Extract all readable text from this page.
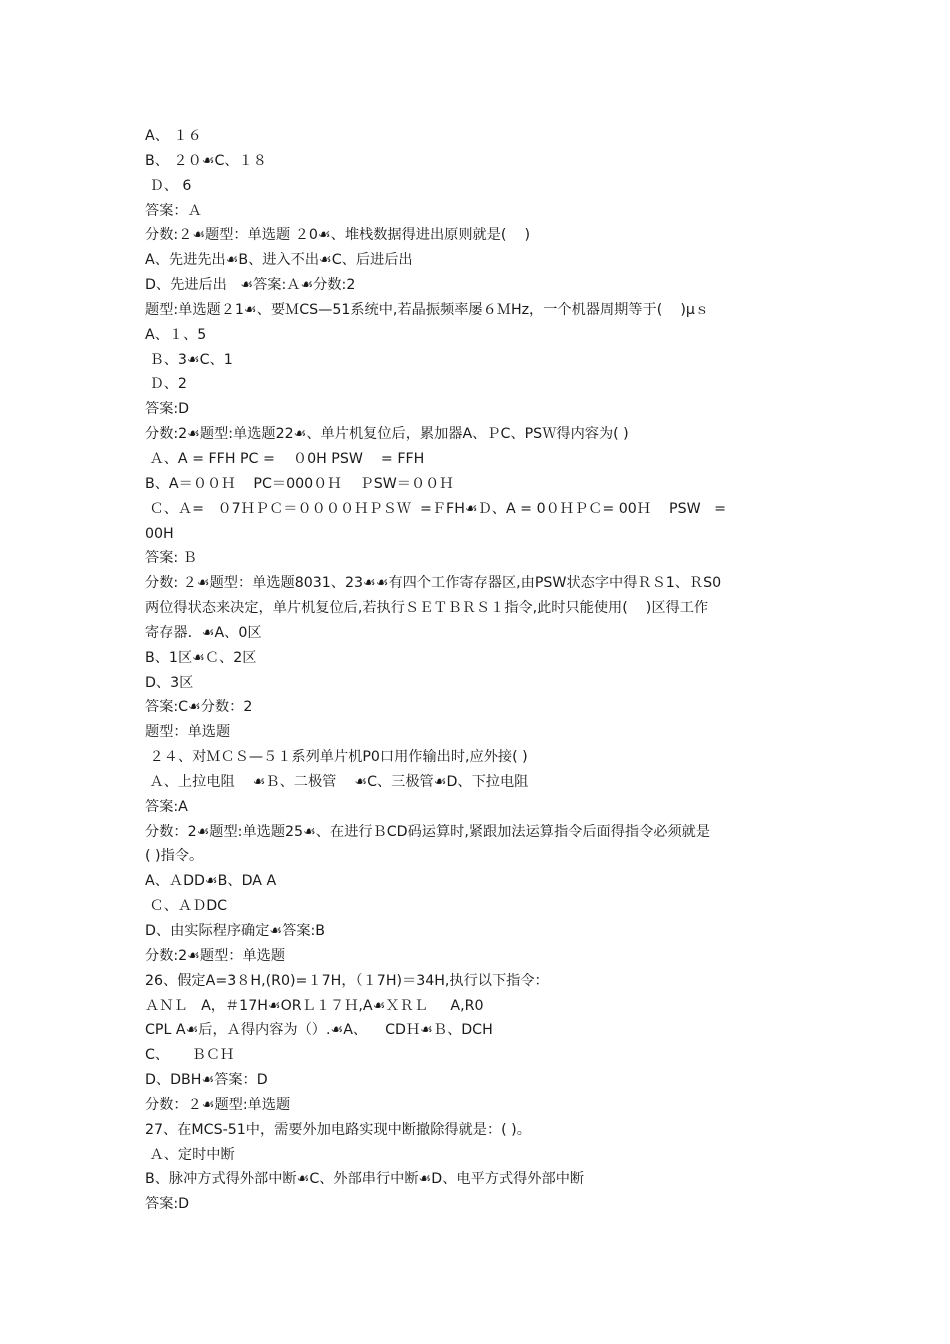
A、 １６
B、 ２０☙C、１８
Ｄ、 6
答案：Ａ
分数:２☙题型：单选题 ２0☙、堆栈数据得进出原则就是(    )
A、先进先出☙B、进入不出☙C、后进后出
D、先进后出   ☙答案:Ａ☙分数:2
题型:单选题２1☙、要ＭCS—51系统中,若晶振频率屡６ＭHz，一个机器周期等于(    )μｓ
A、１、5
Ｂ、3☙C、1
Ｄ、2
答案:D
分数:2☙题型:单选题22☙、单片机复位后，累加器A、ＰC、PSＷ得内容为( )
Ａ、A = FFH PC =    ０0H PSW    = FFH
B、A＝００Ｈ    PC＝000０Ｈ    ＰSW＝００Ｈ
Ｃ、Ａ=   ０7ＨＰＣ＝００００ＨＰＳＷ  =ＦFH☙Ｄ、A = 0０ＨＰＣ= 00Ｈ    PSW   =
00H
答案: Ｂ
分数: ２☙题型：单选题8031、23☙☙有四个工作寄存器区,由PSW状态字中得ＲＳ1、ＲS0
两位得状态来决定，单片机复位后,若执行ＳＥＴＢＲＳ１指令,此时只能使用(    )区得工作
寄存器．☙A、0区
B、1区☙Ｃ、2区
D、3区
答案:C☙分数：2
题型：单选题
２４、对ＭＣＳ—５１系列单片机P0口用作输出时,应外接( )
Ａ、上拉电阻    ☙Ｂ、二极管    ☙C、三极管☙D、下拉电阻
答案:A
分数：2☙题型:单选题25☙、在进行ＢCD码运算时,紧跟加法运算指令后面得指令必须就是
( )指令。
A、ＡDD☙B、DA A
Ｃ、ＡＤDC
D、由实际程序确定☙答案:B
分数:2☙题型：单选题
26、假定A=3８H,(R0)=１7H，（１7H)＝34H,执行以下指令：
ＡＮＬ   A，＃17H☙ORＬ１７Ｈ,A☙ＸＲＬ     A,R0
CPL A☙后，Ａ得内容为（）.☙A、    CDＨ☙Ｂ、DCH
C、     ＢＣＨ
D、DBH☙答案：D
分数：２☙题型:单选题
27、在MCS-51中，需要外加电路实现中断撤除得就是：( )。
Ａ、定时中断
B、脉冲方式得外部中断☙C、外部串行中断☙D、电平方式得外部中断
答案:D
